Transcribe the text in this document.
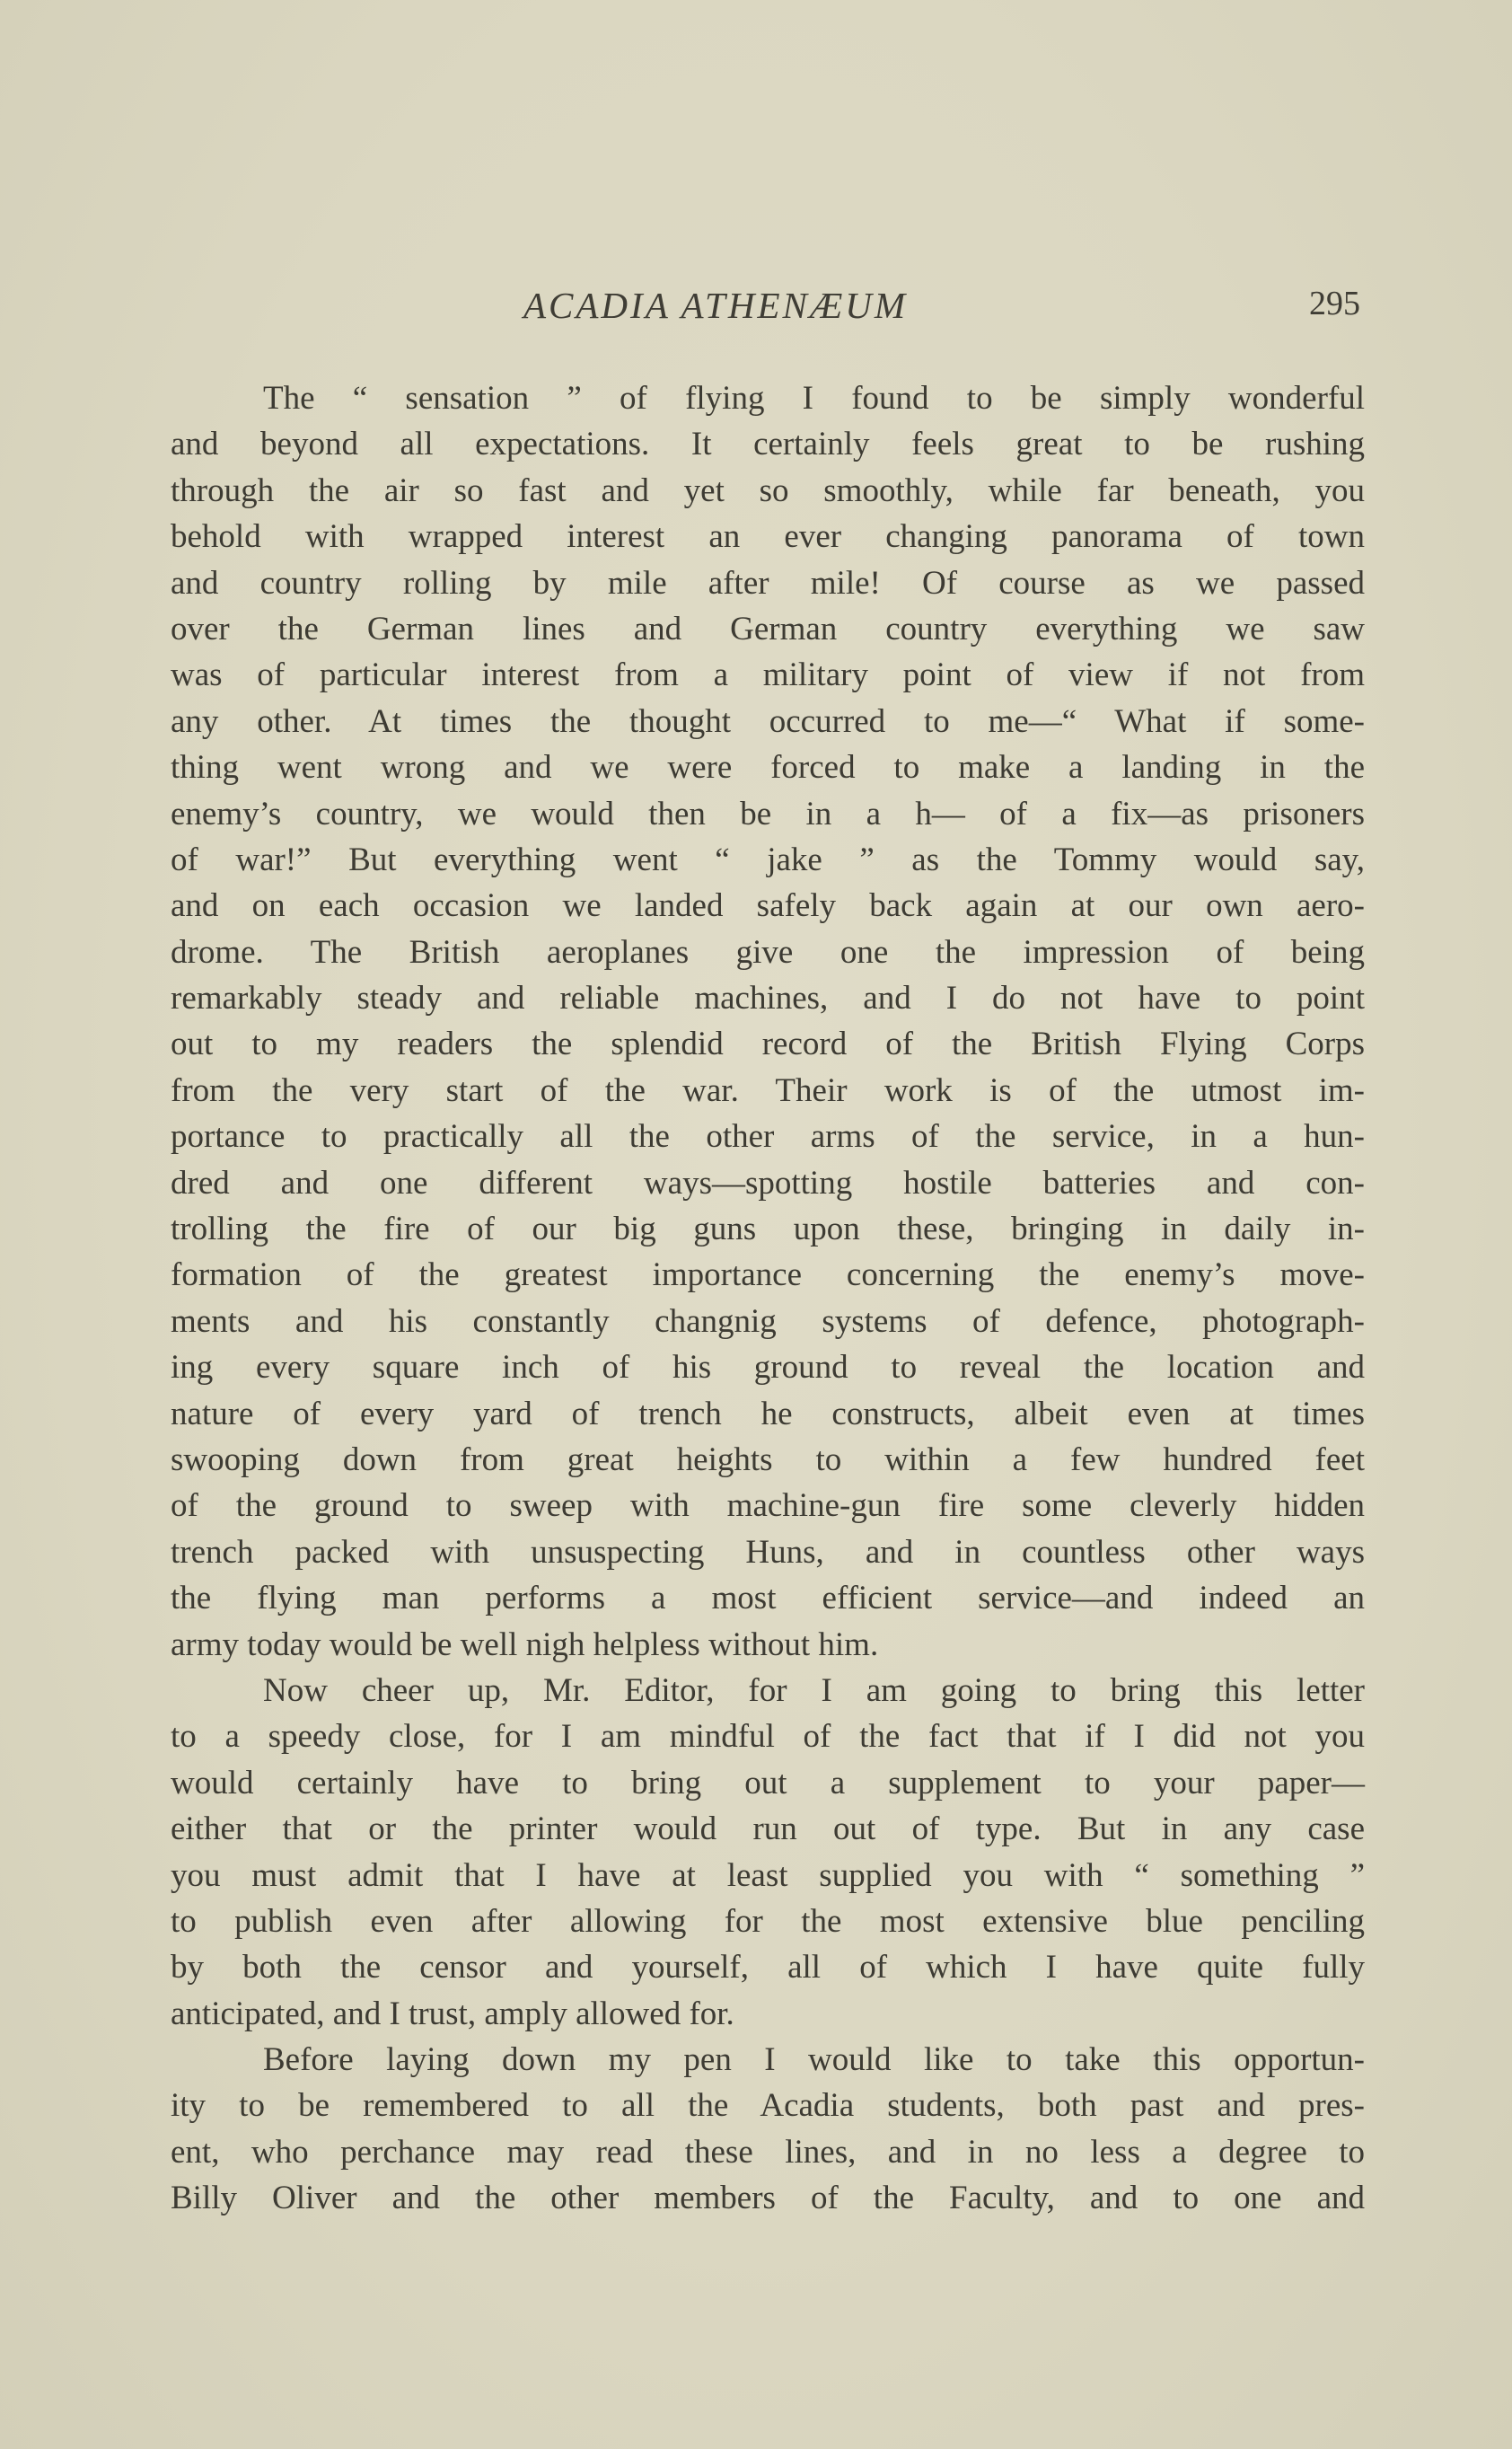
ACADIA ATHENÆUM	295
The “ sensation ” of flying I found to be simply wonderful
and beyond all expectations. It certainly feels great to be rushing
through the air so fast and yet so smoothly, while far beneath, you
behold with wrapped interest an ever changing panorama of town
and country rolling by mile after mile! Of course as we passed
over the German lines and German country everything we saw
was of particular interest from a military point of view if not from
any other. At times the thought occurred to me—“ What if some-
thing went wrong and we were forced to make a landing in the
enemy’s country, we would then be in a h— of a fix—as prisoners
of war!” But everything went “ jake ” as the Tommy would say,
and on each occasion we landed safely back again at our own aero-
drome. The British aeroplanes give one the impression of being
remarkably steady and reliable machines, and I do not have to point
out to my readers the splendid record of the British Flying Corps
from the very start of the war. Their work is of the utmost im-
portance to practically all the other arms of the service, in a hun-
dred and one different ways—spotting hostile batteries and con-
trolling the fire of our big guns upon these, bringing in daily in-
formation of the greatest importance concerning the enemy’s move-
ments and his constantly changnig systems of defence, photograph-
ing every square inch of his ground to reveal the location and
nature of every yard of trench he constructs, albeit even at times
swooping down from great heights to within a few hundred feet
of the ground to sweep with machine-gun fire some cleverly hidden
trench packed with unsuspecting Huns, and in countless other ways
the flying man performs a most efficient service—and indeed an
army today would be well nigh helpless without him.
Now cheer up, Mr. Editor, for I am going to bring this letter
to a speedy close, for I am mindful of the fact that if I did not you
would certainly have to bring out a supplement to your paper—
either that or the printer would run out of type. But in any case
you must admit that I have at least supplied you with “ something ”
to publish even after allowing for the most extensive blue penciling
by both the censor and yourself, all of which I have quite fully
anticipated, and I trust, amply allowed for.
Before laying down my pen I would like to take this opportun-
ity to be remembered to all the Acadia students, both past and pres-
ent, who perchance may read these lines, and in no less a degree to
Billy Oliver and the other members of the Faculty, and to one and
